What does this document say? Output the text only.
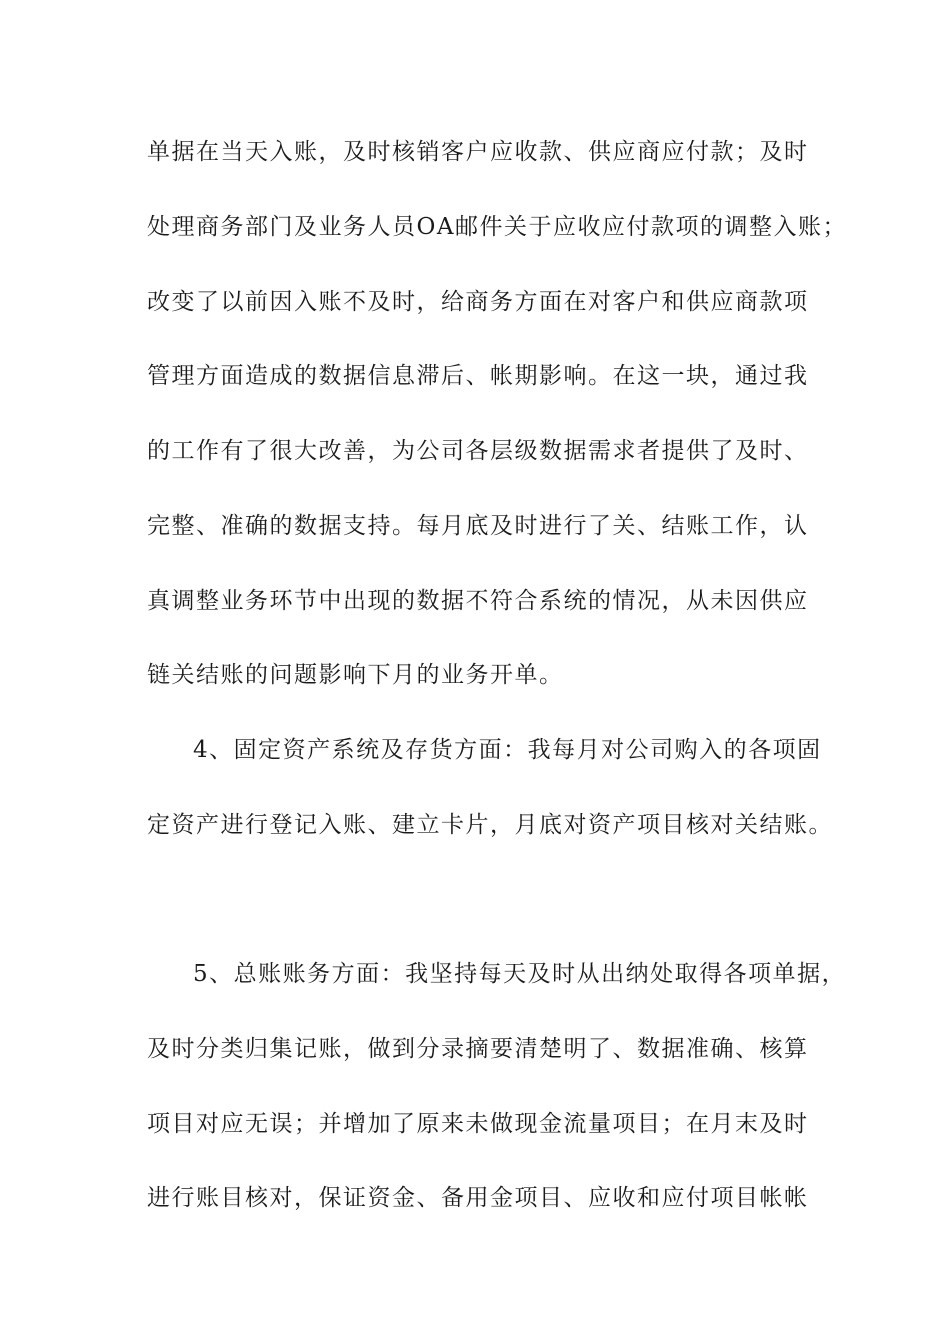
单据在当天入账，及时核销客户应收款、供应商应付款；及时
处理商务部门及业务人员OA邮件关于应收应付款项的调整入账；
改变了以前因入账不及时，给商务方面在对客户和供应商款项
管理方面造成的数据信息滞后、帐期影响。在这一块，通过我
的工作有了很大改善，为公司各层级数据需求者提供了及时、
完整、准确的数据支持。每月底及时进行了关、结账工作，认
真调整业务环节中出现的数据不符合系统的情况，从未因供应
链关结账的问题影响下月的业务开单。
4、固定资产系统及存货方面：我每月对公司购入的各项固
定资产进行登记入账、建立卡片，月底对资产项目核对关结账。
5、总账账务方面：我坚持每天及时从出纳处取得各项单据，
及时分类归集记账，做到分录摘要清楚明了、数据准确、核算
项目对应无误；并增加了原来未做现金流量项目；在月末及时
进行账目核对，保证资金、备用金项目、应收和应付项目帐帐
